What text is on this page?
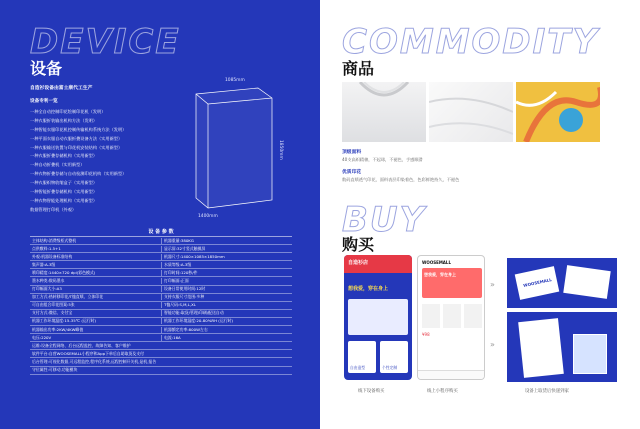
DEVICE
设备
自造衫设备由富士康代工生产
设备专利一览
一种全自动控制印花绘制印花机（发明）
一种衣服折装输出机构方法（发明）
一种智能衣服印花机控制传输机构系统方法（发明）
一种平面衣服自动衣服折叠设备方法（实用新型）
一种衣服输送装置与印花机安装结构（实用新型）
一种衣服折叠存储机构（实用新型）
一种自动折叠机（实用新型）
一种衣物折叠存储与自动检测印花机构（实用新型）
一种衣服织物收缩盒子（实用新型）
一种智能折叠存储机构（实用新型）
一种衣物智能处理机构（实用新型）
数据管理打印机（外观）
1085mm
1850mm
1400mm
设 备 参 数
主体结构:消费级柜式整机	机器重量:380KG
点供敷料:1.5+1	显示屏:32寸竖式触摸屏
外观:机器设备标准结构	机器尺寸:1400×1085×1850mm
集声器:A-3级	水质等级:A-3级
喷印精度:1440×720 dpi(彩色模式)	打印时间:120秒/件
墨水种类:数码墨水	打印幅面:正面
打印幅面大小:A3	设备日常使用时间:12时
加工方式:热转移印花/T恤直喷、立体印花	支持衣服尺寸范围:多种
可自由组合印花图案:5张	T恤尺码:S,M,L,XL
支付方式:微信、支付宝	智能功能:取货/管理/印刷/配送自动
机器工作环境温度:15-35℃ (运行时)	机器工作环境湿度:20-80%RH (运行时)
机器输出功率:2KW/4KW峰值	机器额定功率:800W左右
电压:220V	电流:16A
运维:设备全程网络、后台远程监控、故障告知、客户维护
软件平台:自营WOOSEMALL小程序和App下单后自助取货及支付
后台管理:可视化数据,可远程监控,程序化系统,远程控制开关机,是机,报告
守位属性:可移动,功能模块
COMMODITY
商品
顶级面料
40支高织精棉，不起球，不褪色，手感顺滑
优质印花
数码直喷透气印花，面料表层印染着色，色彩鲜艳持久，不褪色
BUY
购买
自造衫店
想我爱，穿在身上
自由造型	个性定制
WOOSEMALL
想我爱，穿在身上
¥98
»
»
WOOSEMALL
线下设备购买	线上小程序购买	设备上取货后快递到家
